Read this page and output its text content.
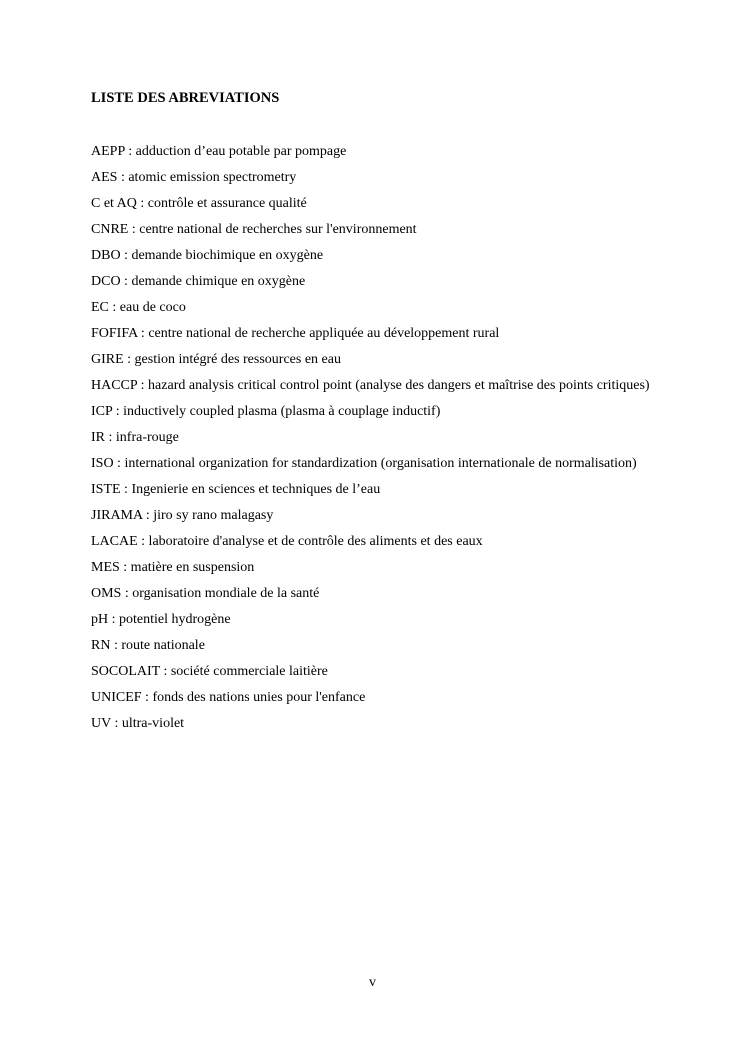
LISTE DES ABREVIATIONS
AEPP : adduction d’eau potable par pompage
AES : atomic emission spectrometry
C et AQ : contrôle et assurance qualité
CNRE : centre national de recherches sur l'environnement
DBO : demande biochimique en oxygène
DCO : demande chimique en oxygène
EC : eau de coco
FOFIFA : centre national de recherche appliquée au développement rural
GIRE : gestion intégré des ressources en eau
HACCP : hazard analysis critical control point (analyse des dangers et maîtrise des points critiques)
ICP : inductively coupled plasma (plasma à couplage inductif)
IR : infra-rouge
ISO : international organization for standardization (organisation internationale de normalisation)
ISTE : Ingenierie en sciences et techniques de l’eau
JIRAMA : jiro sy rano malagasy
LACAE : laboratoire d'analyse et de contrôle des aliments et des eaux
MES : matière en suspension
OMS : organisation mondiale de la santé
pH : potentiel hydrogène
RN : route nationale
SOCOLAIT : société commerciale laitière
UNICEF : fonds des nations unies pour l'enfance
UV : ultra-violet
v
